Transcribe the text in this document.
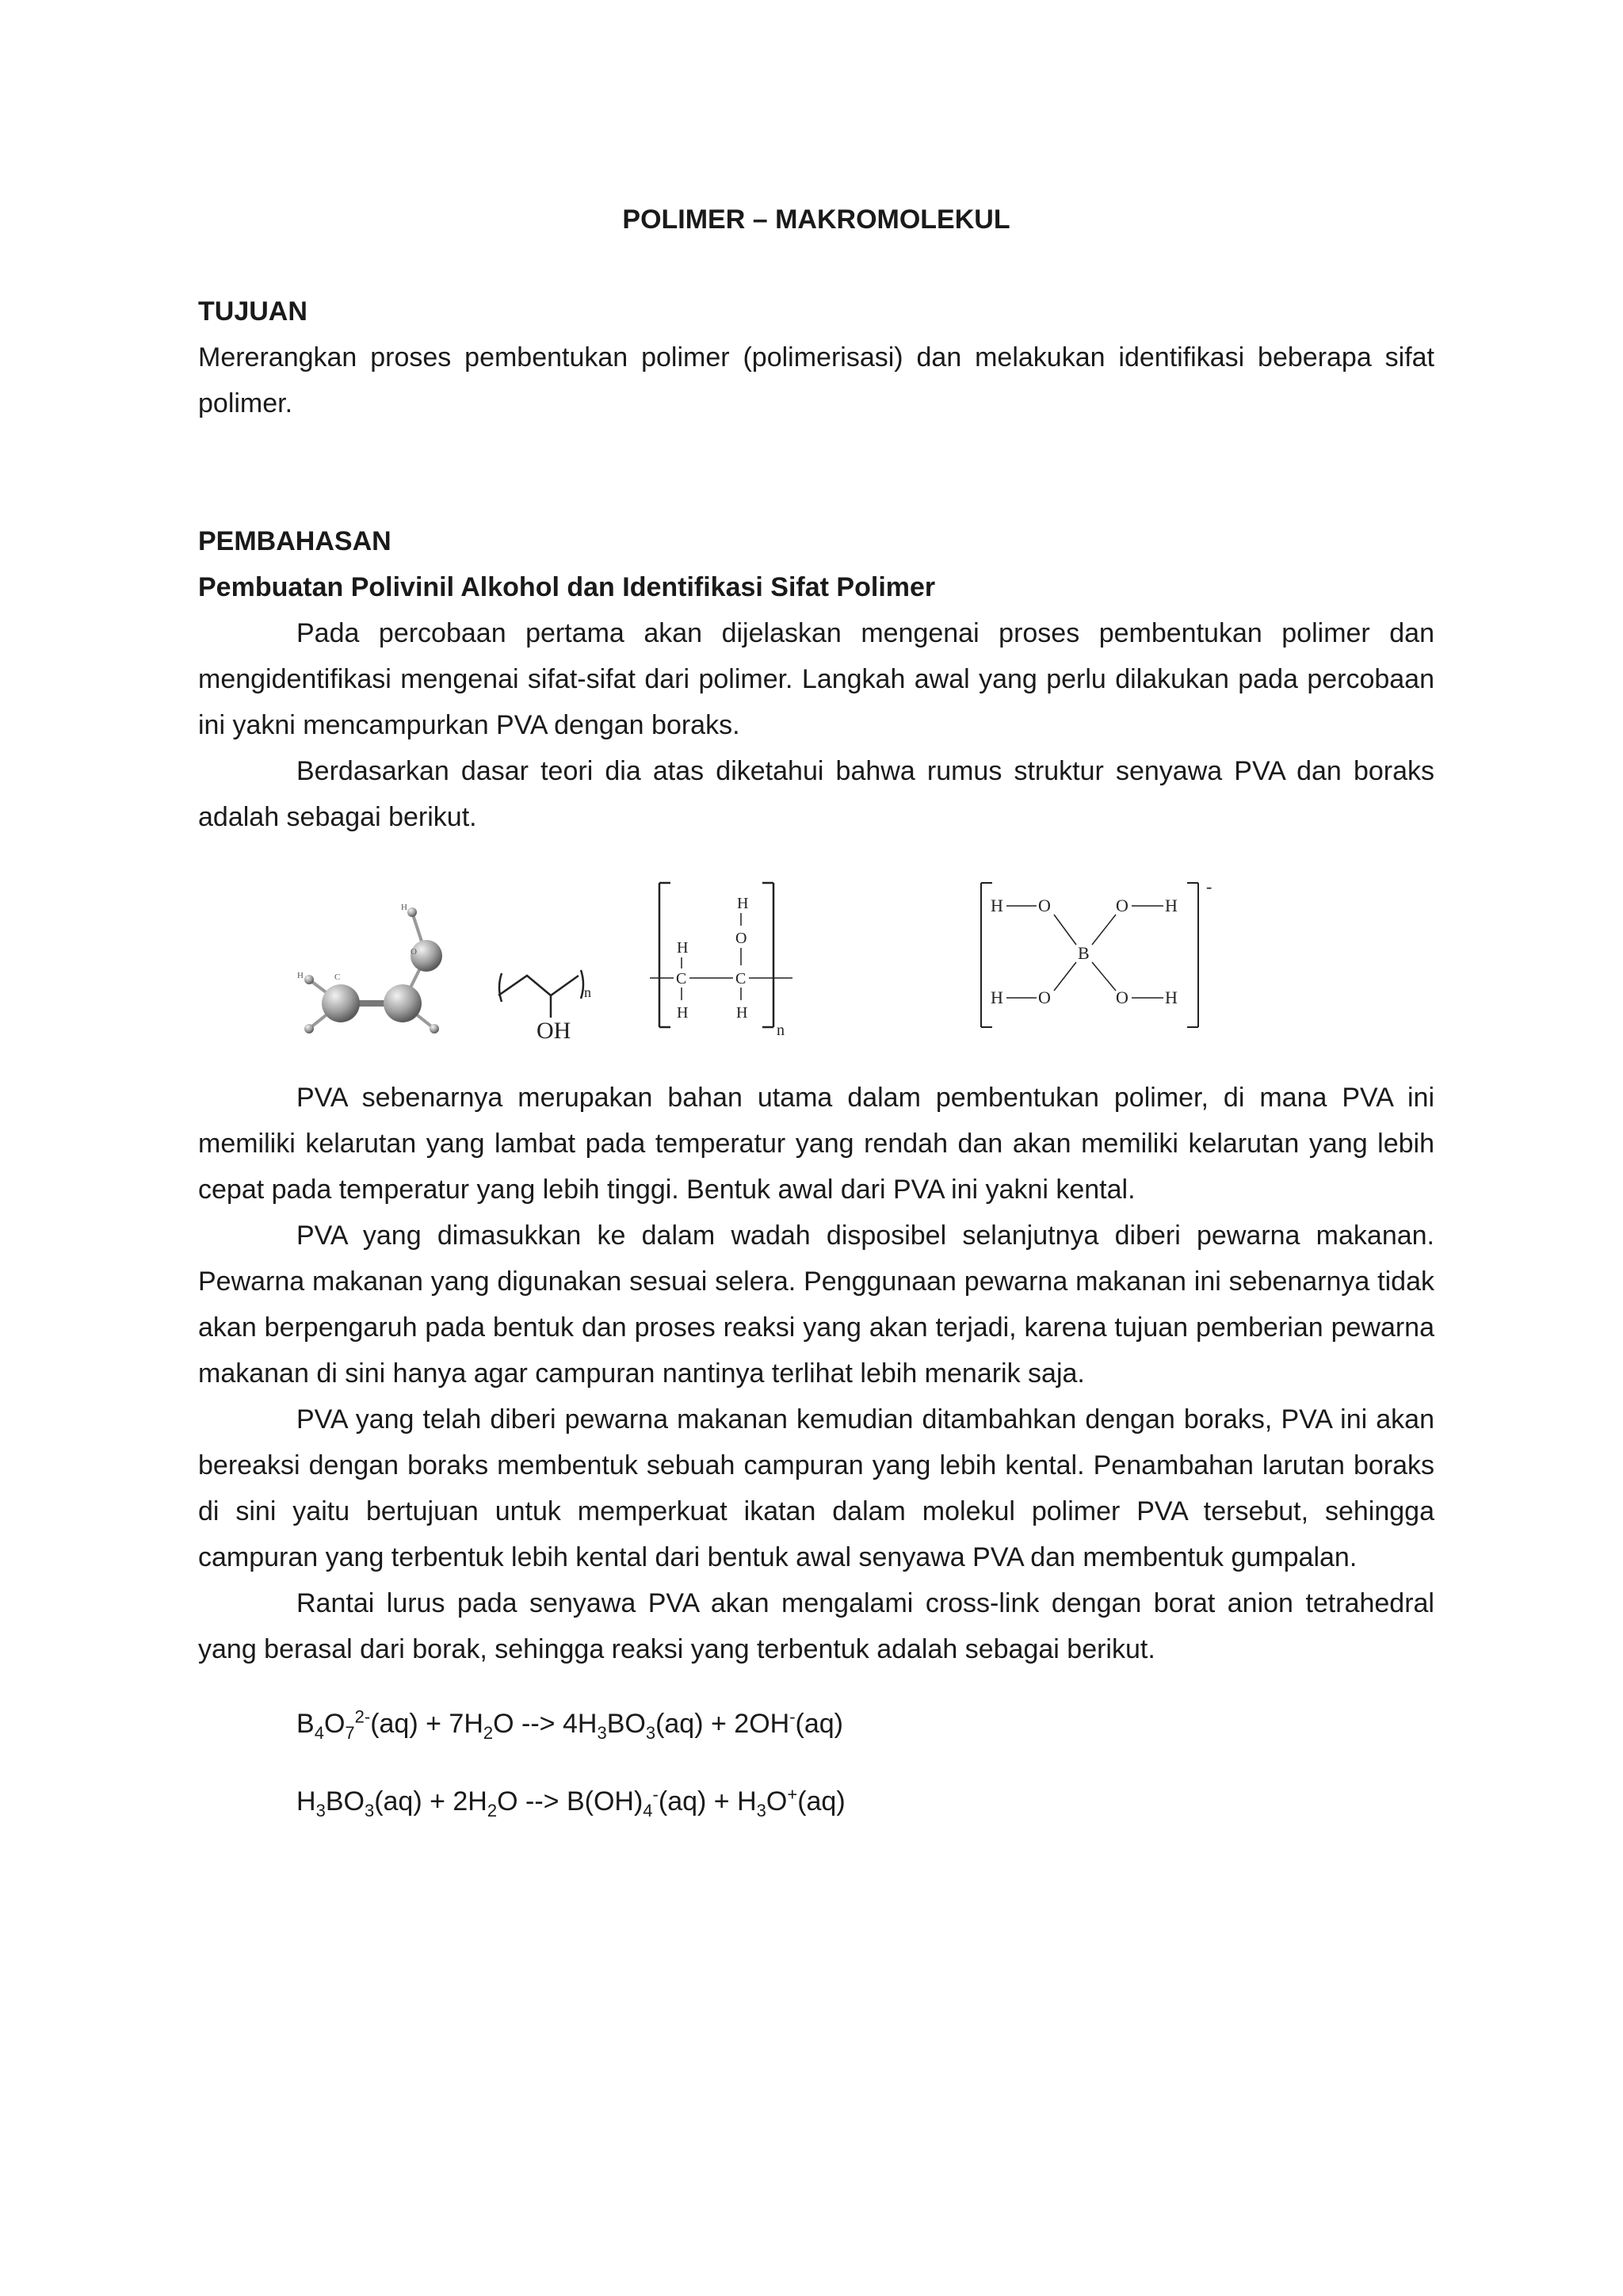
POLIMER – MAKROMOLEKUL

TUJUAN

Mererangkan proses pembentukan polimer (polimerisasi) dan melakukan identifikasi beberapa sifat polimer.

PEMBAHASAN

Pembuatan Polivinil Alkohol dan Identifikasi Sifat Polimer

Pada percobaan pertama akan dijelaskan mengenai proses pembentukan polimer dan mengidentifikasi mengenai sifat-sifat dari polimer. Langkah awal yang perlu dilakukan pada percobaan ini yakni mencampurkan PVA dengan boraks.

Berdasarkan dasar teori dia atas diketahui bahwa rumus struktur senyawa PVA dan boraks adalah sebagai berikut.

H	C
O
H
n
OH	n
H
O
H
C	C
H	H
-
H O	O H
B
H O	O H

PVA sebenarnya merupakan bahan utama dalam pembentukan polimer, di mana PVA ini memiliki kelarutan yang lambat pada temperatur yang rendah dan akan memiliki kelarutan yang lebih cepat pada temperatur yang lebih tinggi. Bentuk awal dari PVA ini yakni kental.

PVA yang dimasukkan ke dalam wadah disposibel selanjutnya diberi pewarna makanan. Pewarna makanan yang digunakan sesuai selera. Penggunaan pewarna makanan ini sebenarnya tidak akan berpengaruh pada bentuk dan proses reaksi yang akan terjadi, karena tujuan pemberian pewarna makanan di sini hanya agar campuran nantinya terlihat lebih menarik saja.

PVA yang telah diberi pewarna makanan kemudian ditambahkan dengan boraks, PVA ini akan bereaksi dengan boraks membentuk sebuah campuran yang lebih kental. Penambahan larutan boraks di sini yaitu bertujuan untuk memperkuat ikatan dalam molekul polimer PVA tersebut, sehingga campuran yang terbentuk lebih kental dari bentuk awal senyawa PVA dan membentuk gumpalan.

Rantai lurus pada senyawa PVA akan mengalami cross-link dengan borat anion tetrahedral yang berasal dari borak, sehingga reaksi yang terbentuk adalah sebagai berikut.

$B_4O_7^{2-}(aq) + 7H_2O$ --> $4H_3BO_3(aq) + 2OH^-(aq)$

$H_3BO_3(aq) + 2H_2O$ --> $B(OH)_4^-(aq) + H_3O^+(aq)$
